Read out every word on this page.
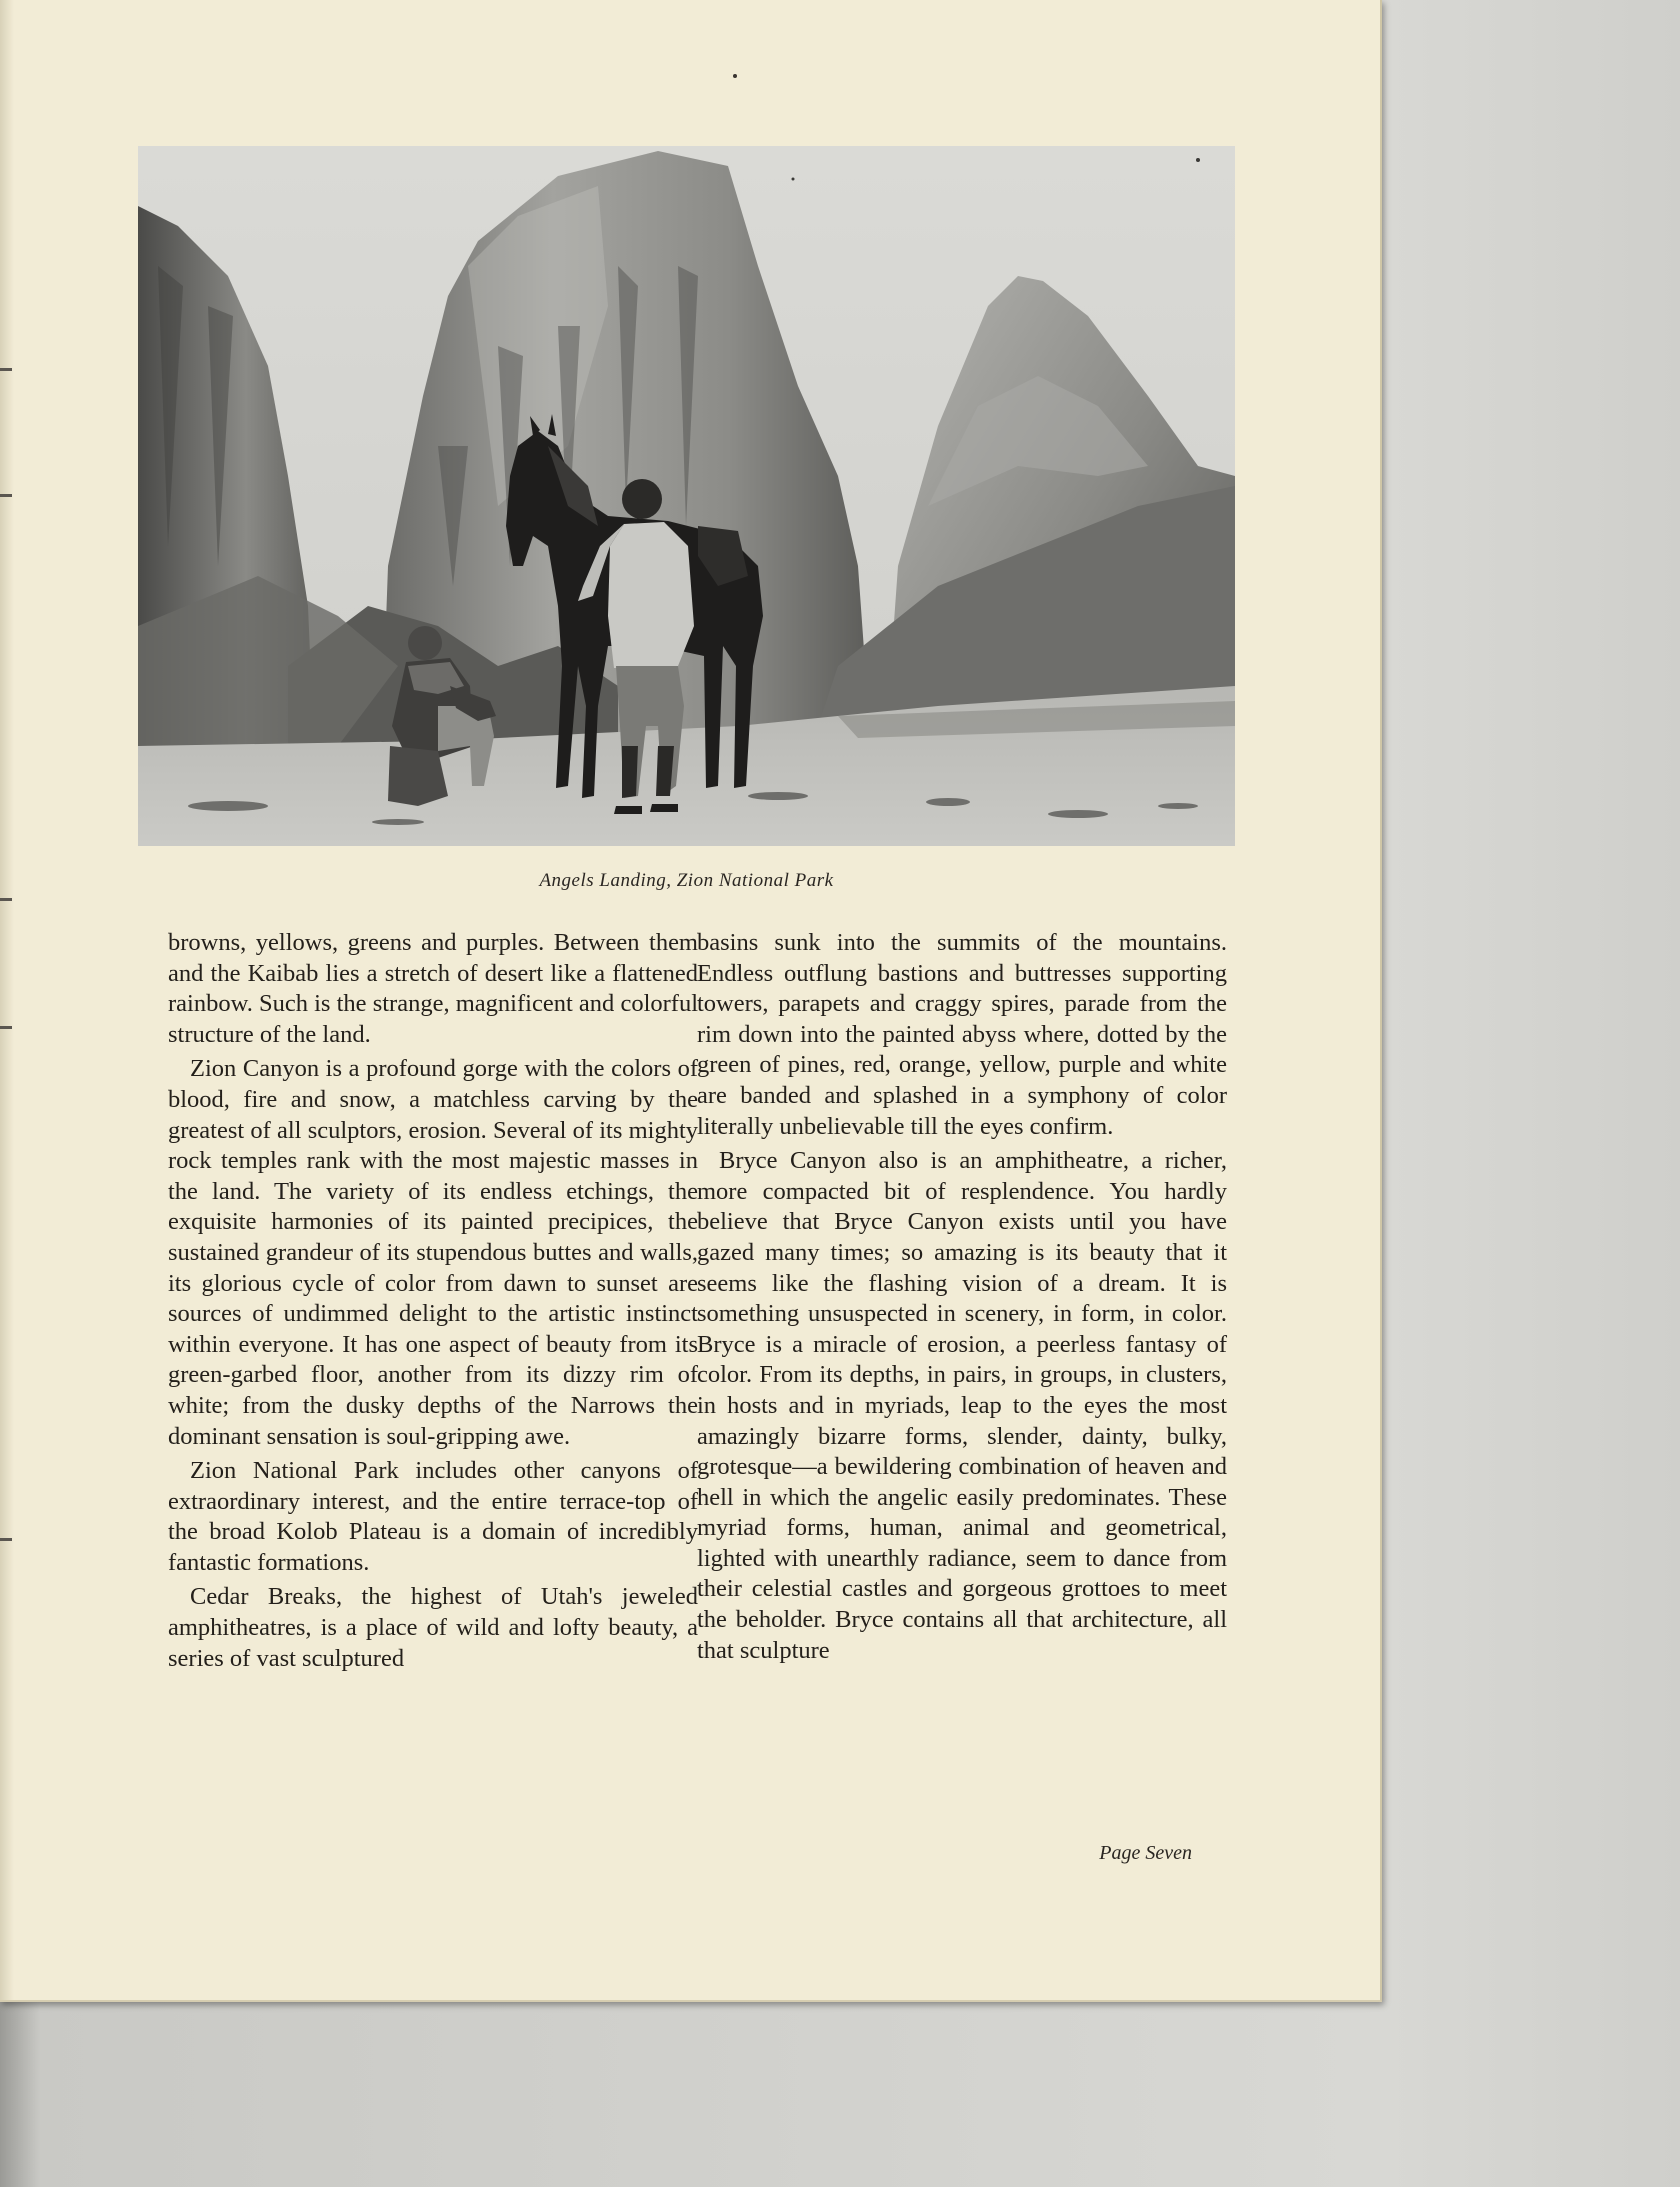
Angels Landing, Zion National Park

browns, yellows, greens and purples. Between them and the Kaibab lies a stretch of desert like a flattened rainbow. Such is the strange, magnificent and colorful structure of the land.

Zion Canyon is a profound gorge with the colors of blood, fire and snow, a matchless carving by the greatest of all sculptors, erosion. Several of its mighty rock temples rank with the most majestic masses in the land. The variety of its endless etchings, the exquisite harmonies of its painted precipices, the sustained grandeur of its stupendous buttes and walls, its glorious cycle of color from dawn to sunset are sources of undimmed delight to the artistic instinct within everyone. It has one aspect of beauty from its green-garbed floor, another from its dizzy rim of white; from the dusky depths of the Narrows the dominant sensation is soul-gripping awe.

Zion National Park includes other canyons of extraordinary interest, and the entire terrace-top of the broad Kolob Plateau is a domain of incredibly fantastic formations.

Cedar Breaks, the highest of Utah's jeweled amphitheatres, is a place of wild and lofty beauty, a series of vast sculptured

basins sunk into the summits of the mountains. Endless outflung bastions and buttresses supporting towers, parapets and craggy spires, parade from the rim down into the painted abyss where, dotted by the green of pines, red, orange, yellow, purple and white are banded and splashed in a symphony of color literally unbelievable till the eyes confirm.

Bryce Canyon also is an amphitheatre, a richer, more compacted bit of resplendence. You hardly believe that Bryce Canyon exists until you have gazed many times; so amazing is its beauty that it seems like the flashing vision of a dream. It is something unsuspected in scenery, in form, in color. Bryce is a miracle of erosion, a peerless fantasy of color. From its depths, in pairs, in groups, in clusters, in hosts and in myriads, leap to the eyes the most amazingly bizarre forms, slender, dainty, bulky, grotesque—a bewildering combination of heaven and hell in which the angelic easily predominates. These myriad forms, human, animal and geometrical, lighted with unearthly radiance, seem to dance from their celestial castles and gorgeous grottoes to meet the beholder. Bryce contains all that architecture, all that sculpture

Page Seven
